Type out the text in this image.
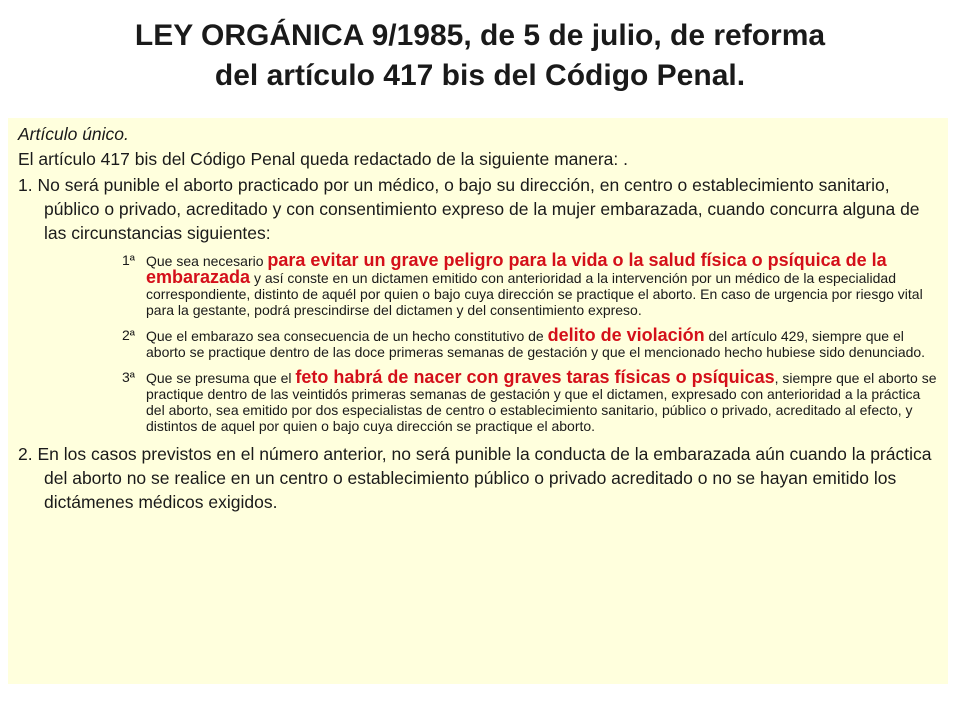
LEY ORGÁNICA 9/1985, de 5 de julio, de reforma
del artículo 417 bis del Código Penal.
Artículo único.
El artículo 417 bis del Código Penal queda redactado de la siguiente manera: .
1. No será punible el aborto practicado por un médico, o bajo su dirección, en centro o establecimiento sanitario, público o privado, acreditado y con consentimiento expreso de la mujer embarazada, cuando concurra alguna de las circunstancias siguientes:
1ª Que sea necesario para evitar un grave peligro para la vida o la salud física o psíquica de la embarazada y así conste en un dictamen emitido con anterioridad a la intervención por un médico de la especialidad correspondiente, distinto de aquél por quien o bajo cuya dirección se practique el aborto. En caso de urgencia por riesgo vital para la gestante, podrá prescindirse del dictamen y del consentimiento expreso.
2ª Que el embarazo sea consecuencia de un hecho constitutivo de delito de violación del artículo 429, siempre que el aborto se practique dentro de las doce primeras semanas de gestación y que el mencionado hecho hubiese sido denunciado.
3ª Que se presuma que el feto habrá de nacer con graves taras físicas o psíquicas, siempre que el aborto se practique dentro de las veintidós primeras semanas de gestación y que el dictamen, expresado con anterioridad a la práctica del aborto, sea emitido por dos especialistas de centro o establecimiento sanitario, público o privado, acreditado al efecto, y distintos de aquel por quien o bajo cuya dirección se practique el aborto.
2. En los casos previstos en el número anterior, no será punible la conducta de la embarazada aún cuando la práctica del aborto no se realice en un centro o establecimiento público o privado acreditado o no se hayan emitido los dictámenes médicos exigidos.
